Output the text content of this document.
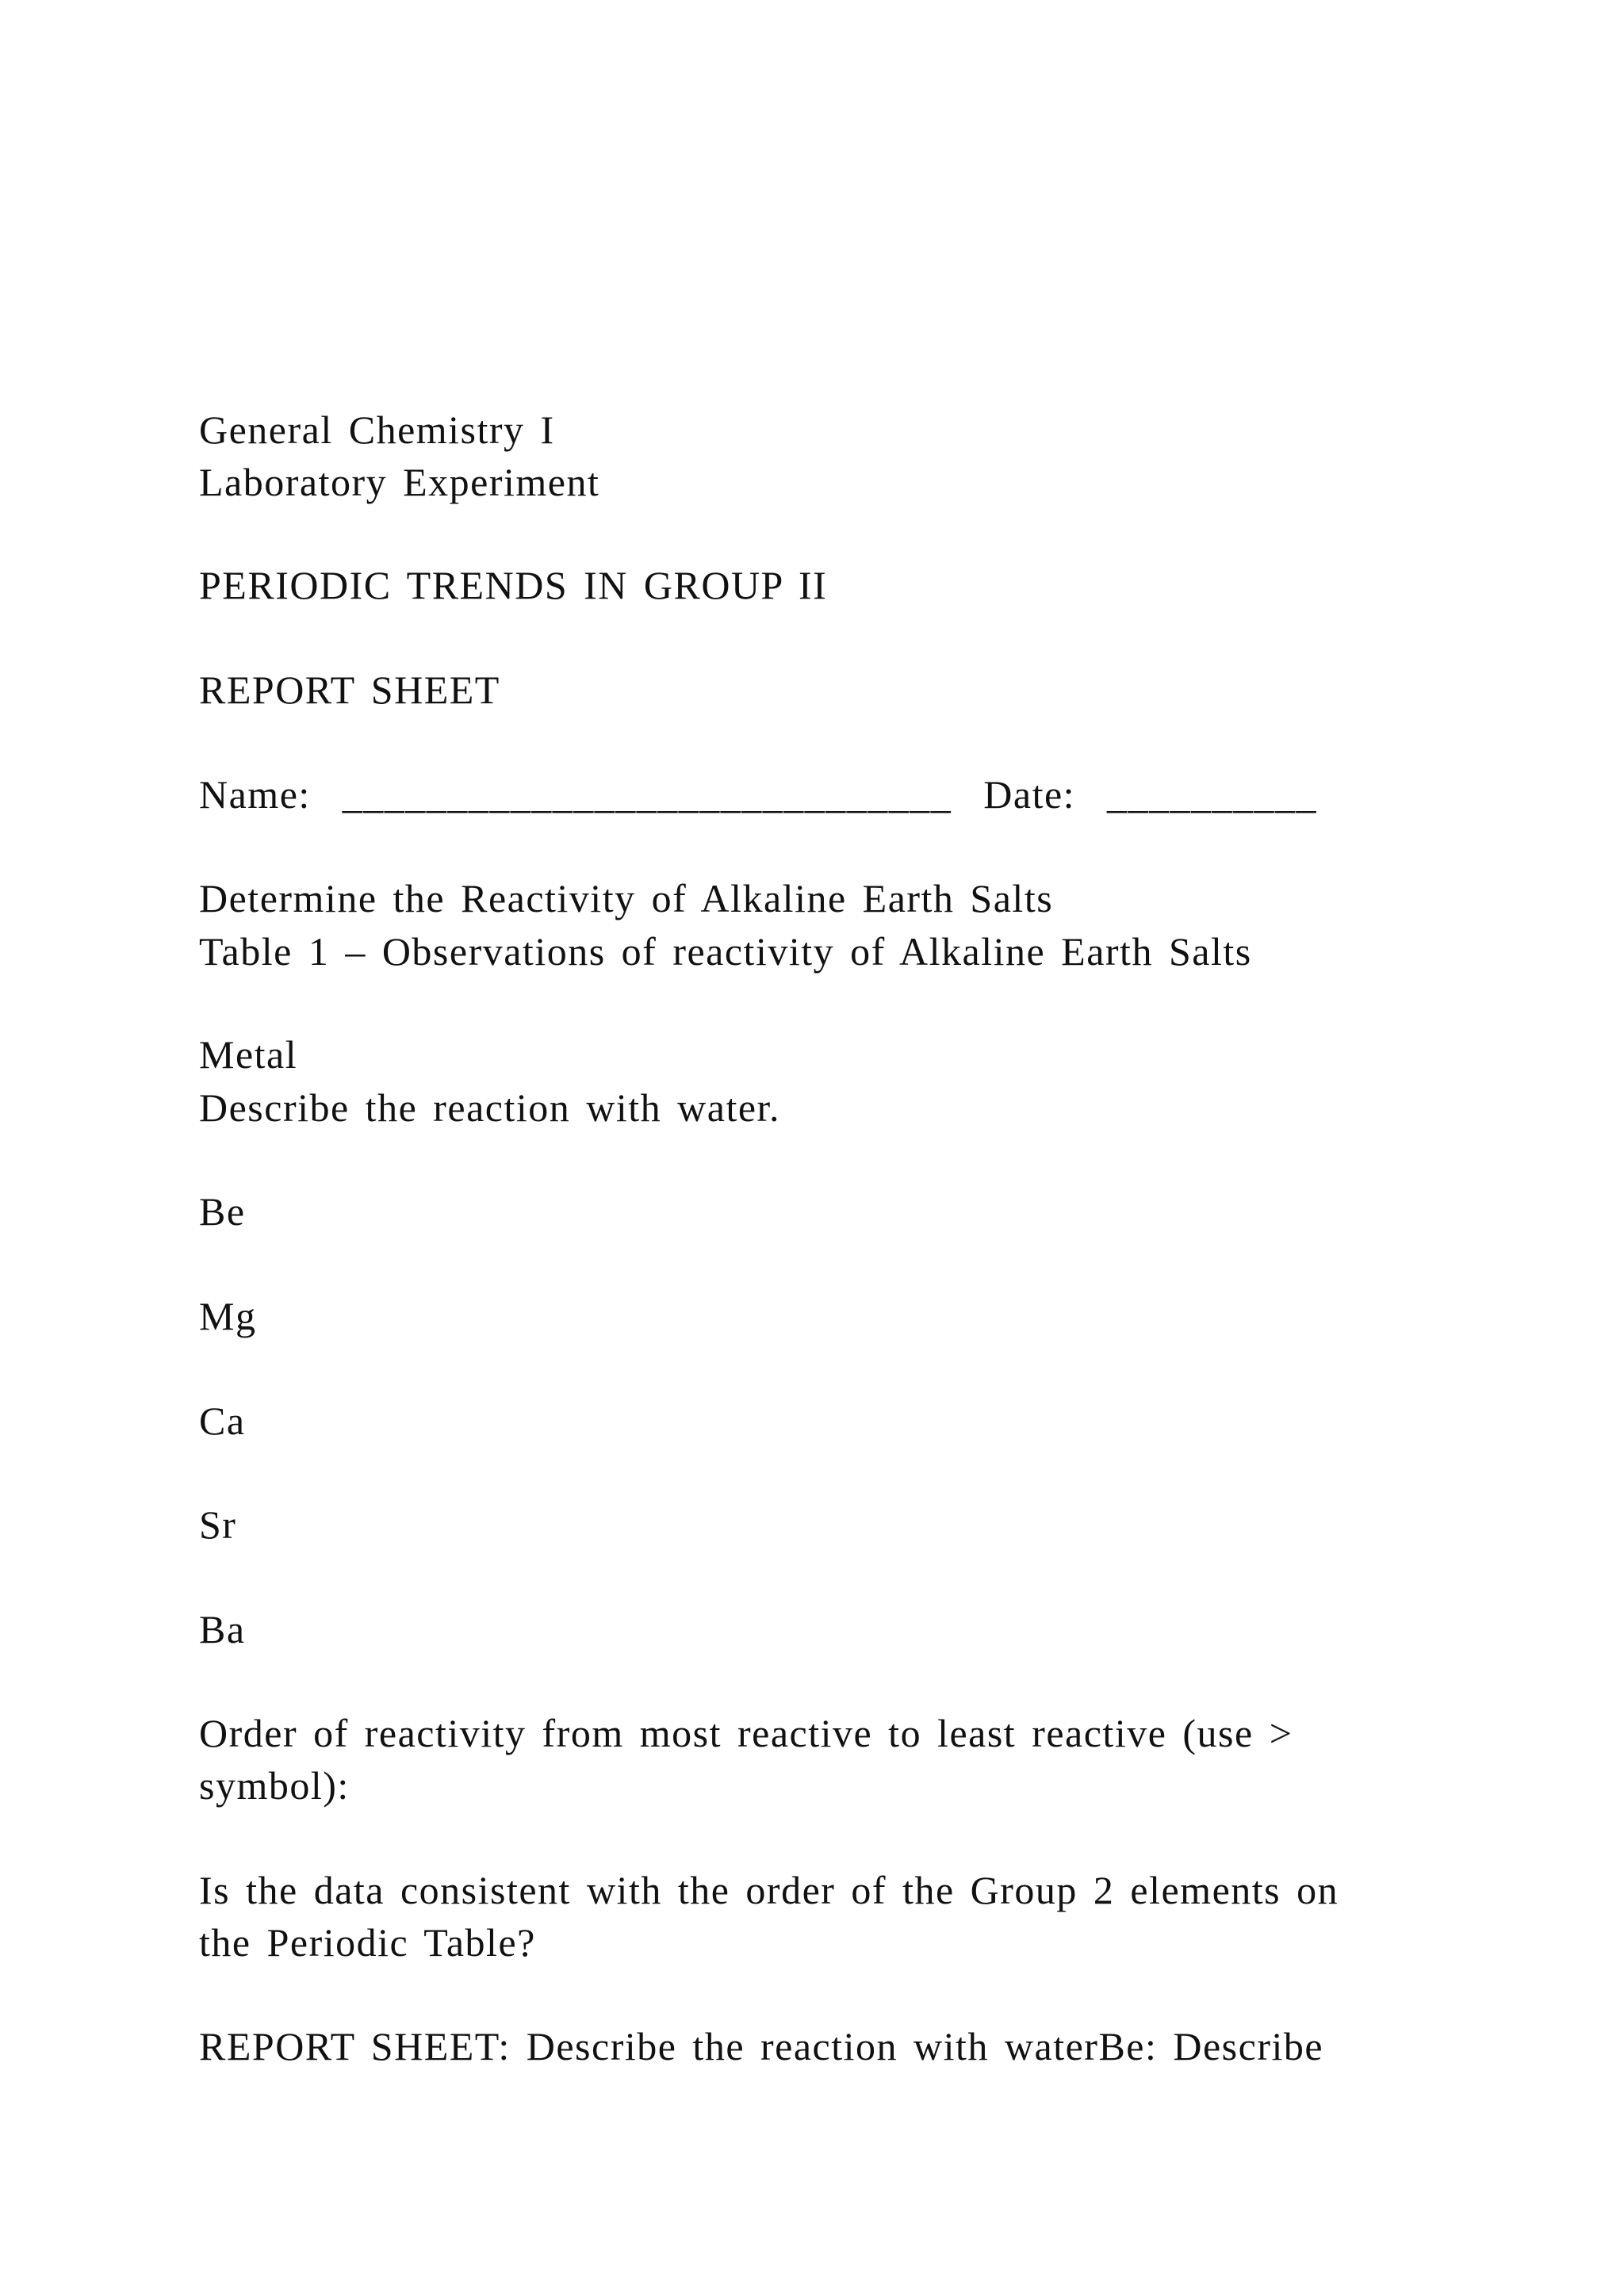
General Chemistry I
Laboratory Experiment
PERIODIC TRENDS IN GROUP II
REPORT SHEET
Name:  _____________________________  Date:  __________
Determine the Reactivity of Alkaline Earth Salts
Table 1 – Observations of reactivity of Alkaline Earth Salts
Metal
Describe the reaction with water.
Be
Mg
Ca
Sr
Ba
Order of reactivity from most reactive to least reactive (use >
symbol):
Is the data consistent with the order of the Group 2 elements on
the Periodic Table?
REPORT SHEET: Describe the reaction with waterBe: Describe
